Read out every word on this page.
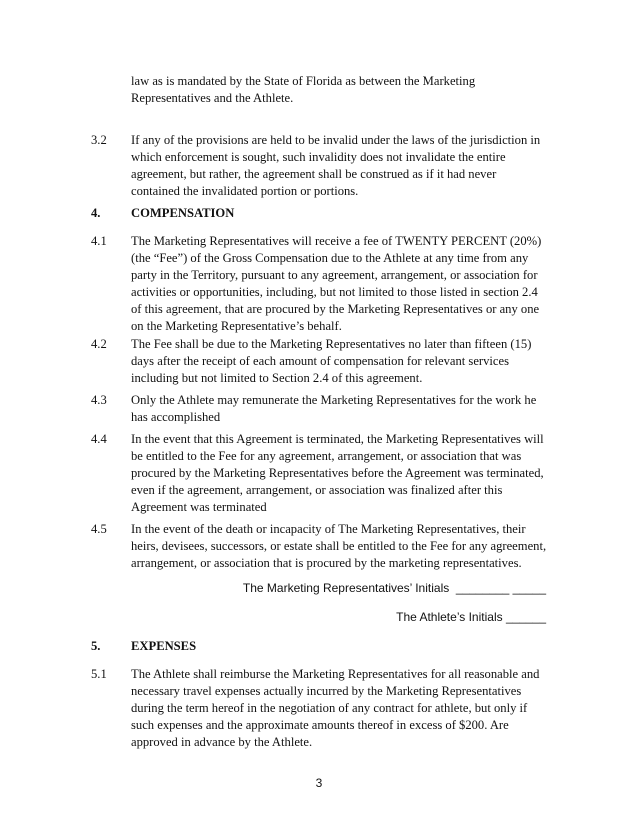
law as is mandated by the State of Florida as between the Marketing
Representatives and the Athlete.
3.2	If any of the provisions are held to be invalid under the laws of the jurisdiction in
which enforcement is sought, such invalidity does not invalidate the entire
agreement, but rather, the agreement shall be construed as if it had never
contained the invalidated portion or portions.
4.	COMPENSATION
4.1	The Marketing Representatives will receive a fee of TWENTY PERCENT (20%)
(the “Fee”) of the Gross Compensation due to the Athlete at any time from any
party in the Territory, pursuant to any agreement, arrangement, or association for
activities or opportunities, including, but not limited to those listed in section 2.4
of this agreement, that are procured by the Marketing Representatives or any one
on the Marketing Representative’s behalf.
4.2	The Fee shall be due to the Marketing Representatives no later than fifteen (15)
days after the receipt of each amount of compensation for relevant services
including but not limited to Section 2.4 of this agreement.
4.3	Only the Athlete may remunerate the Marketing Representatives for the work he
has accomplished
4.4	In the event that this Agreement is terminated, the Marketing Representatives will
be entitled to the Fee for any agreement, arrangement, or association that was
procured by the Marketing Representatives before the Agreement was terminated,
even if the agreement, arrangement, or association was finalized after this
Agreement was terminated
4.5	In the event of the death or incapacity of The Marketing Representatives, their
heirs, devisees, successors, or estate shall be entitled to the Fee for any agreement,
arrangement, or association that is procured by the marketing representatives.
The Marketing Representatives’ Initials  ________ _____
The Athlete’s Initials ______
5.	EXPENSES
5.1	The Athlete shall reimburse the Marketing Representatives for all reasonable and
necessary travel expenses actually incurred by the Marketing Representatives
during the term hereof in the negotiation of any contract for athlete, but only if
such expenses and the approximate amounts thereof in excess of $200. Are
approved in advance by the Athlete.
3
